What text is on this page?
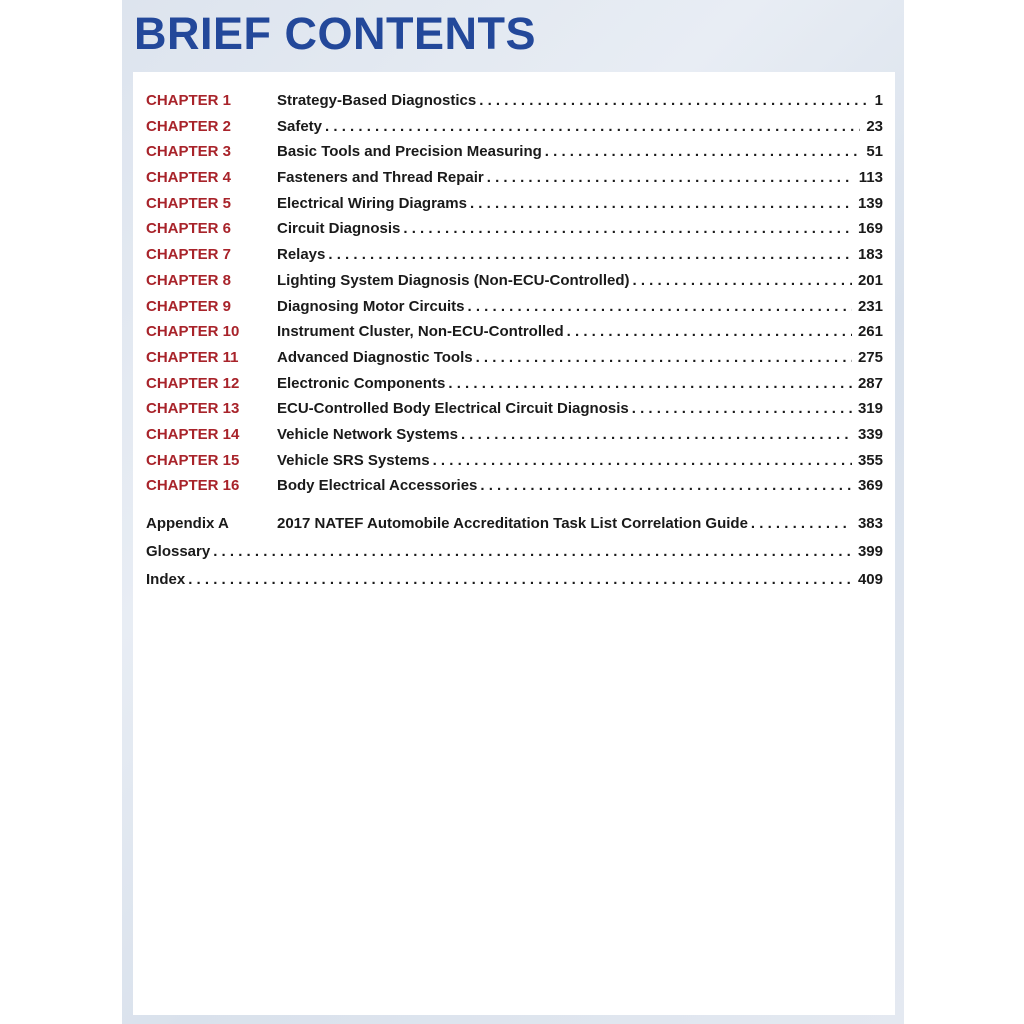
BRIEF CONTENTS
CHAPTER 1	Strategy-Based Diagnostics . . .	1
CHAPTER 2	Safety . . .	23
CHAPTER 3	Basic Tools and Precision Measuring . . .	51
CHAPTER 4	Fasteners and Thread Repair . . .	113
CHAPTER 5	Electrical Wiring Diagrams . . .	139
CHAPTER 6	Circuit Diagnosis . . .	169
CHAPTER 7	Relays . . .	183
CHAPTER 8	Lighting System Diagnosis (Non-ECU-Controlled) . . .	201
CHAPTER 9	Diagnosing Motor Circuits . . .	231
CHAPTER 10	Instrument Cluster, Non-ECU-Controlled . . .	261
CHAPTER 11	Advanced Diagnostic Tools . . .	275
CHAPTER 12	Electronic Components . . .	287
CHAPTER 13	ECU-Controlled Body Electrical Circuit Diagnosis . . .	319
CHAPTER 14	Vehicle Network Systems . . .	339
CHAPTER 15	Vehicle SRS Systems . . .	355
CHAPTER 16	Body Electrical Accessories . . .	369
Appendix A	2017 NATEF Automobile Accreditation Task List Correlation Guide . . .	383
Glossary . . .	399
Index . . .	409
